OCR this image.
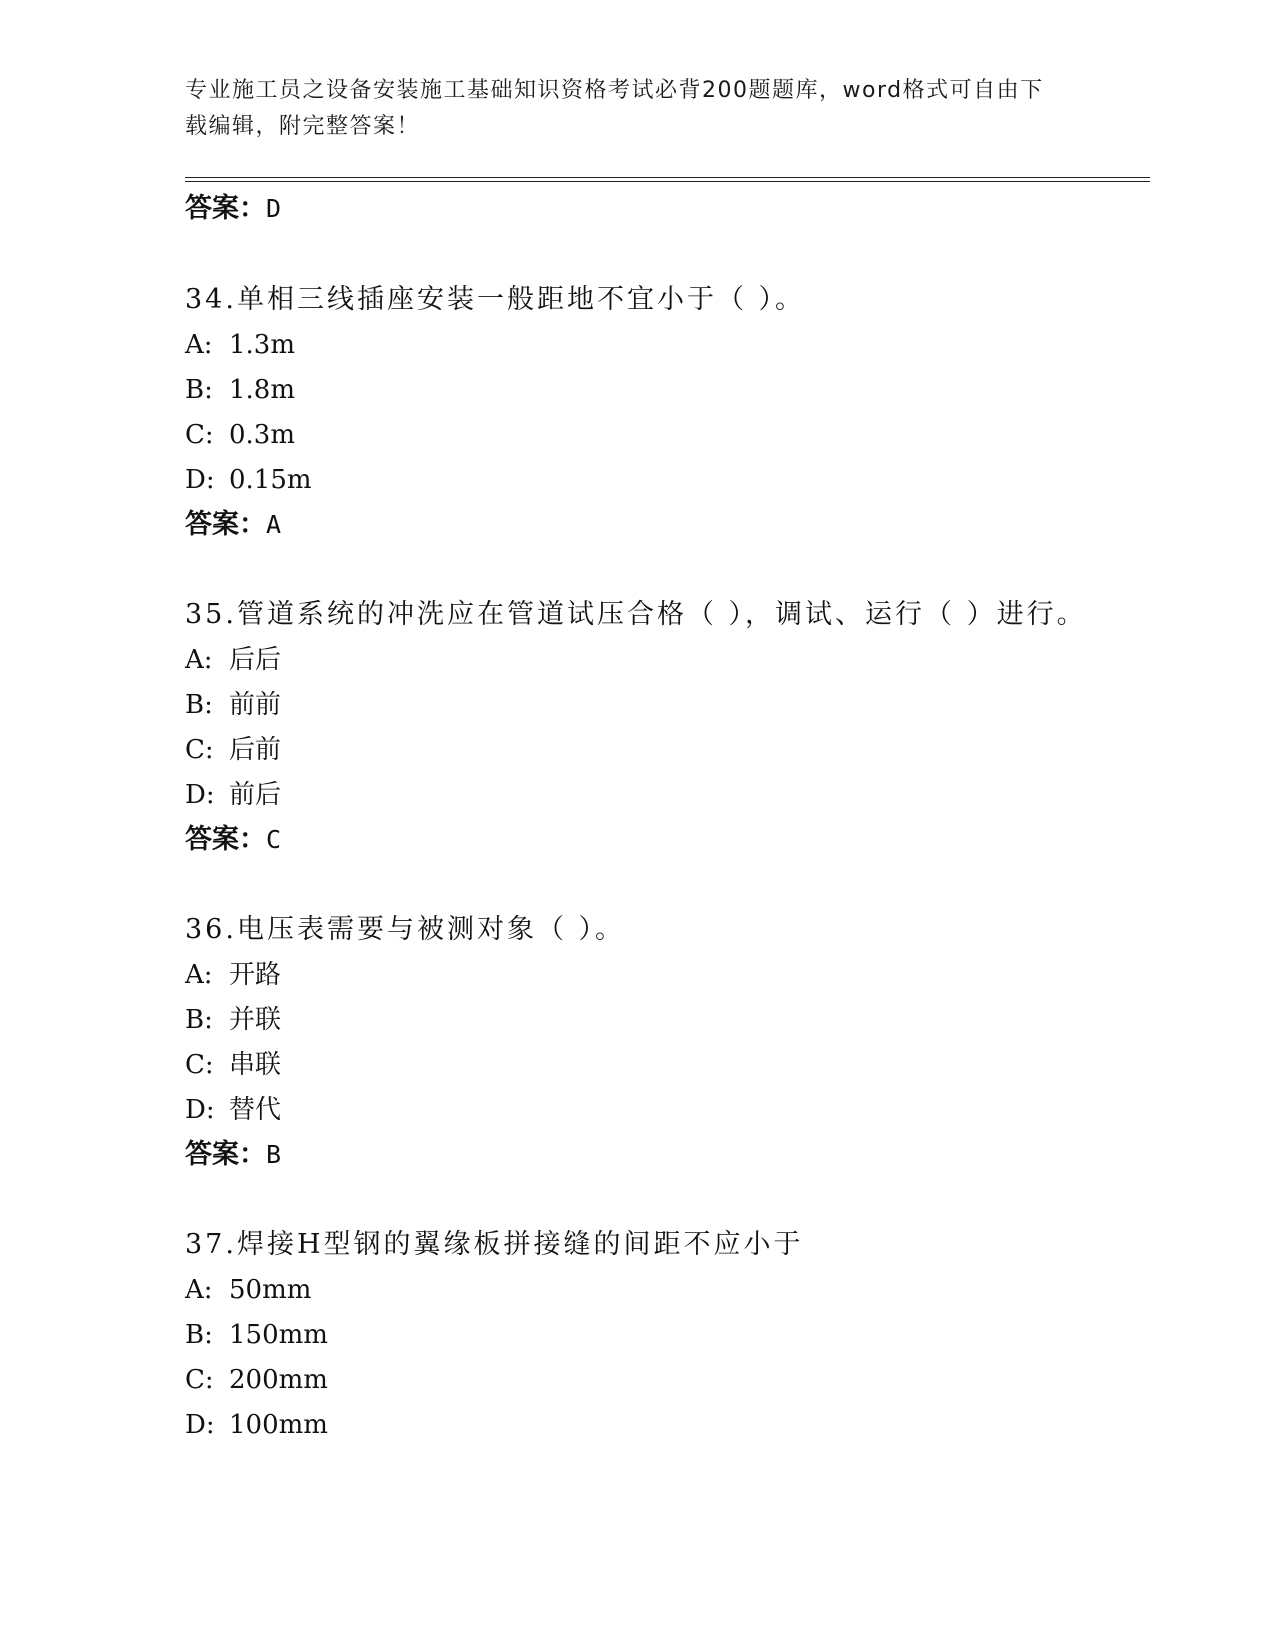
专业施工员之设备安装施工基础知识资格考试必背200题题库，word格式可自由下载编辑，附完整答案！
答案：D
34.单相三线插座安装一般距地不宜小于（ ）。
A: 1.3m
B: 1.8m
C: 0.3m
D: 0.15m
答案：A
35.管道系统的冲洗应在管道试压合格（ ），调试、运行（ ）进行。
A: 后后
B: 前前
C: 后前
D: 前后
答案：C
36.电压表需要与被测对象（ ）。
A: 开路
B: 并联
C: 串联
D: 替代
答案：B
37.焊接H型钢的翼缘板拼接缝的间距不应小于
A: 50mm
B: 150mm
C: 200mm
D: 100mm
